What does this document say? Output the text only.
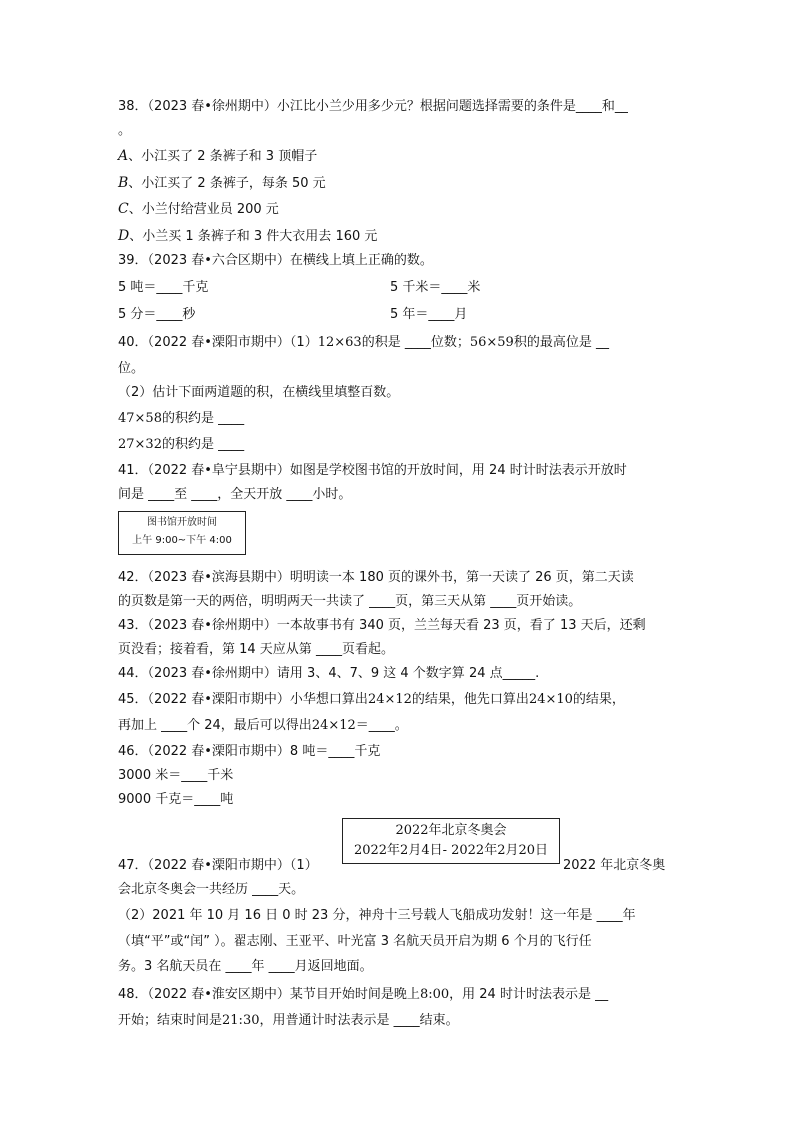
38．（2023 春•徐州期中）小江比小兰少用多少元？根据问题选择需要的条件是____和__
。
A、小江买了 2 条裤子和 3 顶帽子
B、小江买了 2 条裤子，每条 50 元
C、小兰付给营业员 200 元
D、小兰买 1 条裤子和 3 件大衣用去 160 元
39．（2023 春•六合区期中）在横线上填上正确的数。
5 吨＝____千克	5 千米＝____米
5 分＝____秒	5 年＝____月
40．（2022 春•溧阳市期中）（1）12×63的积是 ____位数；56×59积的最高位是 __
位。
（2）估计下面两道题的积，在横线里填整百数。
47×58的积约是 ____
27×32的积约是 ____
41．（2022 春•阜宁县期中）如图是学校图书馆的开放时间，用 24 时计时法表示开放时
间是 ____至 ____，全天开放 ____小时。
图书馆开放时间
上午 9:00~下午 4:00
42．（2023 春•滨海县期中）明明读一本 180 页的课外书，第一天读了 26 页，第二天读
的页数是第一天的两倍，明明两天一共读了 ____页，第三天从第 ____页开始读。
43．（2023 春•徐州期中）一本故事书有 340 页，兰兰每天看 23 页，看了 13 天后，还剩
页没看；接着看，第 14 天应从第 ____页看起。
44．（2023 春•徐州期中）请用 3、4、7、9 这 4 个数字算 24 点_____.
45．（2022 春•溧阳市期中）小华想口算出24×12的结果，他先口算出24×10的结果，
再加上 ____个 24，最后可以得出24×12＝____。
46．（2022 春•溧阳市期中）8 吨＝____千克
3000 米＝____千米
9000 千克＝____吨
2022年北京冬奥会
2022年2月4日- 2022年2月20日
47．（2022 春•溧阳市期中）（1）	2022 年北京冬奥
会北京冬奥会一共经历 ____天。
（2）2021 年 10 月 16 日 0 时 23 分，神舟十三号载人飞船成功发射！这一年是 ____年
（填“平”或“闰” ）。翟志刚、王亚平、叶光富 3 名航天员开启为期 6 个月的飞行任
务。3 名航天员在 ____年 ____月返回地面。
48．（2022 春•淮安区期中）某节目开始时间是晚上8:00，用 24 时计时法表示是 __
开始；结束时间是21:30，用普通计时法表示是 ____结束。
